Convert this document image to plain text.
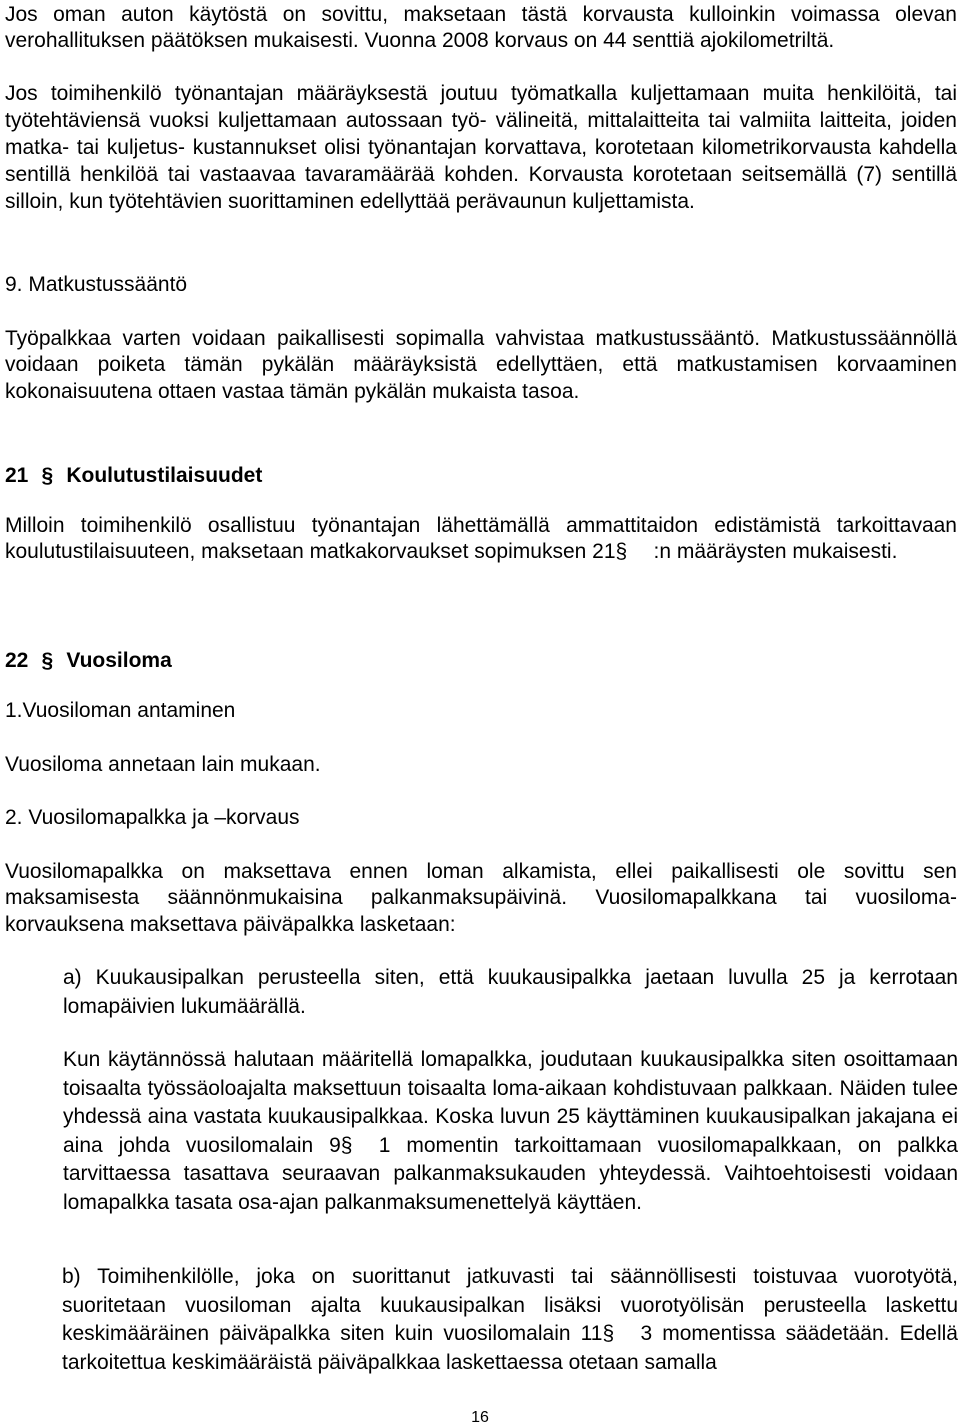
Jos oman auton käytöstä on sovittu, maksetaan tästä korvausta kulloinkin voimassa olevan verohallituksen päätöksen mukaisesti. Vuonna 2008 korvaus on 44 senttiä ajokilometriltä.

Jos toimihenkilö työnantajan määräyksestä joutuu työmatkalla kuljettamaan muita henkilöitä, tai työtehtäviensä vuoksi kuljettamaan autossaan työ- välineitä, mittalaitteita tai valmiita laitteita, joiden matka- tai kuljetus- kustannukset olisi työnantajan korvattava, korotetaan kilometrikorvausta kahdella sentillä henkilöä tai vastaavaa tavaramäärää kohden. Korvausta korotetaan seitsemällä (7) sentillä silloin, kun työtehtävien suorittaminen edellyttää perävaunun kuljettamista.

9. Matkustussääntö

Työpalkkaa varten voidaan paikallisesti sopimalla vahvistaa matkustussääntö. Matkustussäännöllä voidaan poiketa tämän pykälän määräyksistä edellyttäen, että matkustamisen korvaaminen kokonaisuutena ottaen vastaa tämän pykälän mukaista tasoa.

21 § Koulutustilaisuudet

Milloin toimihenkilö osallistuu työnantajan lähettämällä ammattitaidon edistämistä tarkoittavaan koulutustilaisuuteen, maksetaan matkakorvaukset sopimuksen 21§ :n määräysten mukaisesti.

22 § Vuosiloma

1.Vuosiloman antaminen

Vuosiloma annetaan lain mukaan.

2. Vuosilomapalkka ja –korvaus

Vuosilomapalkka on maksettava ennen loman alkamista, ellei paikallisesti ole sovittu sen maksamisesta säännönmukaisina palkanmaksupäivinä. Vuosilomapalkkana tai vuosiloma-korvauksena maksettava päiväpalkka lasketaan:

a) Kuukausipalkan perusteella siten, että kuukausipalkka jaetaan luvulla 25 ja kerrotaan lomapäivien lukumäärällä.

Kun käytännössä halutaan määritellä lomapalkka, joudutaan kuukausipalkka siten osoittamaan toisaalta työssäoloajalta maksettuun toisaalta loma-aikaan kohdistuvaan palkkaan. Näiden tulee yhdessä aina vastata kuukausipalkkaa. Koska luvun 25 käyttäminen kuukausipalkan jakajana ei aina johda vuosilomalain 9§ 1 momentin tarkoittamaan vuosilomapalkkaan, on palkka tarvittaessa tasattava seuraavan palkanmaksukauden yhteydessä. Vaihtoehtoisesti voidaan lomapalkka tasata osa-ajan palkanmaksumenettelyä käyttäen.

b) Toimihenkilölle, joka on suorittanut jatkuvasti tai säännöllisesti toistuvaa vuorotyötä, suoritetaan vuosiloman ajalta kuukausipalkan lisäksi vuorotyölisän perusteella laskettu keskimääräinen päiväpalkka siten kuin vuosilomalain 11§ 3 momentissa säädetään. Edellä tarkoitettua keskimääräistä päiväpalkkaa laskettaessa otetaan samalla

16
